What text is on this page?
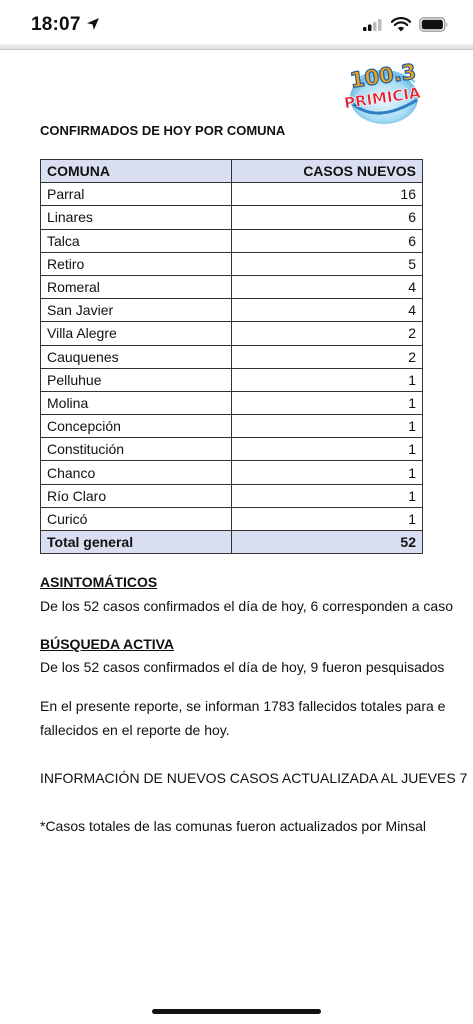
18:07
100.3
PRIMICIA
CONFIRMADOS DE HOY POR COMUNA
COMUNA	CASOS NUEVOS
Parral	16
Linares	6
Talca	6
Retiro	5
Romeral	4
San Javier	4
Villa Alegre	2
Cauquenes	2
Pelluhue	1
Molina	1
Concepción	1
Constitución	1
Chanco	1
Río Claro	1
Curicó	1
Total general	52
ASINTOMÁTICOS
De los 52 casos confirmados el día de hoy, 6 corresponden a caso
BÚSQUEDA ACTIVA
De los 52 casos confirmados el día de hoy, 9 fueron pesquisados
En el presente reporte, se informan 1783 fallecidos totales para e
fallecidos en el reporte de hoy.
INFORMACIÓN DE NUEVOS CASOS ACTUALIZADA AL JUEVES 7
*Casos totales de las comunas fueron actualizados por Minsal
